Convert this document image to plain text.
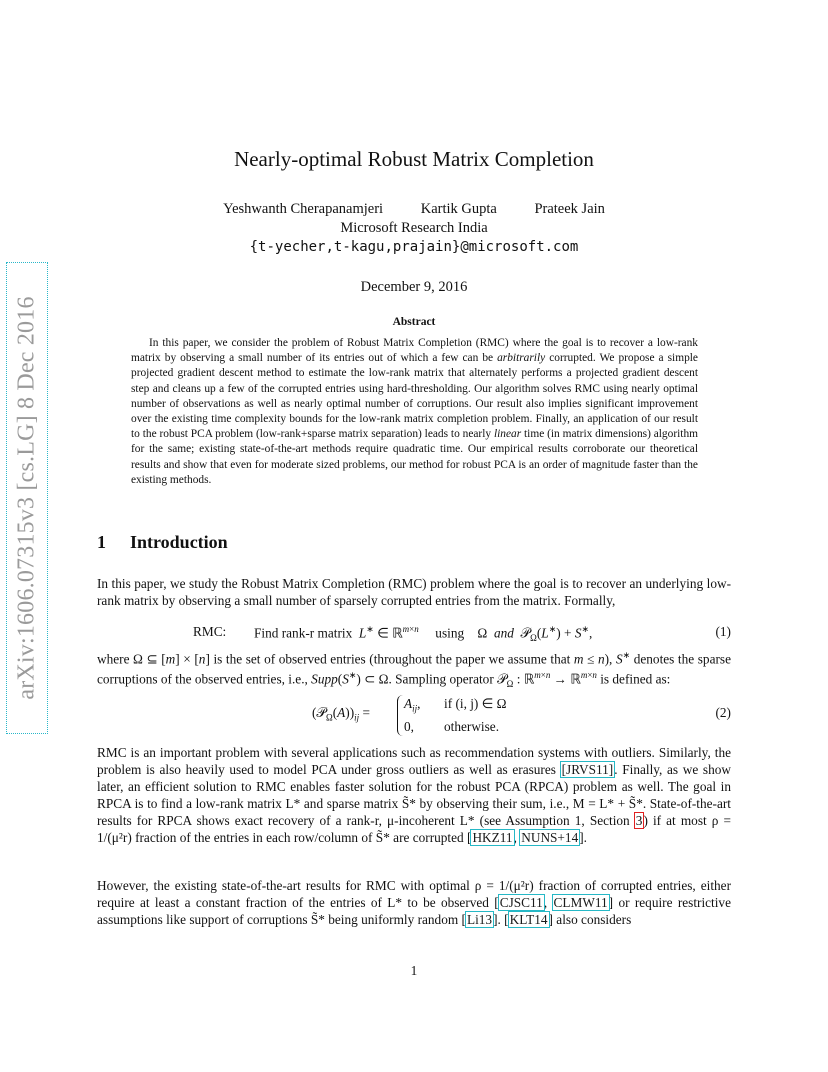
arXiv:1606.07315v3 [cs.LG] 8 Dec 2016
Nearly-optimal Robust Matrix Completion
Yeshwanth Cherapanamjeri	Kartik Gupta	Prateek Jain
Microsoft Research India
{t-yecher,t-kagu,prajain}@microsoft.com
December 9, 2016
Abstract
In this paper, we consider the problem of Robust Matrix Completion (RMC) where the goal is to recover a low-rank matrix by observing a small number of its entries out of which a few can be arbitrarily corrupted. We propose a simple projected gradient descent method to estimate the low-rank matrix that alternately performs a projected gradient descent step and cleans up a few of the corrupted entries using hard-thresholding. Our algorithm solves RMC using nearly optimal number of observations as well as nearly optimal number of corruptions. Our result also implies significant improvement over the existing time complexity bounds for the low-rank matrix completion problem. Finally, an application of our result to the robust PCA problem (low-rank+sparse matrix separation) leads to nearly linear time (in matrix dimensions) algorithm for the same; existing state-of-the-art methods require quadratic time. Our empirical results corroborate our theoretical results and show that even for moderate sized problems, our method for robust PCA is an order of magnitude faster than the existing methods.
1 Introduction
In this paper, we study the Robust Matrix Completion (RMC) problem where the goal is to recover an underlying low-rank matrix by observing a small number of sparsely corrupted entries from the matrix. Formally,
RMC: Find rank-r matrix L∗ ∈ ℝ$^{m\times n}$     using    Ω  and  𝒫$_\Omega$(L∗) + S∗,	(1)
where Ω ⊆ [m] × [n] is the set of observed entries (throughout the paper we assume that m ≤ n), S∗ denotes the sparse corruptions of the observed entries, i.e., Supp(S∗) ⊂ Ω. Sampling operator 𝒫$_\Omega$ : ℝ$^{m\times n}$ → ℝ$^{m\times n}$ is defined as:
$(𝒫_\Omega(A))_{ij}$ =
$A_{ij}$, if (i, j) ∈ Ω
0, otherwise.
(2)
RMC is an important problem with several applications such as recommendation systems with outliers. Similarly, the problem is also heavily used to model PCA under gross outliers as well as erasures [JRVS11]. Finally, as we show later, an efficient solution to RMC enables faster solution for the robust PCA (RPCA) problem as well. The goal in RPCA is to find a low-rank matrix L* and sparse matrix S̃* by observing their sum, i.e., M = L* + S̃*. State-of-the-art results for RPCA shows exact recovery of a rank-r, μ-incoherent L* (see Assumption 1, Section 3) if at most ρ = 1/(μ²r) fraction of the entries in each row/column of S̃* are corrupted [HKZ11, NUNS+14].
However, the existing state-of-the-art results for RMC with optimal ρ = 1/(μ²r) fraction of corrupted entries, either require at least a constant fraction of the entries of L* to be observed [CJSC11, CLMW11] or require restrictive assumptions like support of corruptions S̃* being uniformly random [Li13]. [KLT14] also considers
1
